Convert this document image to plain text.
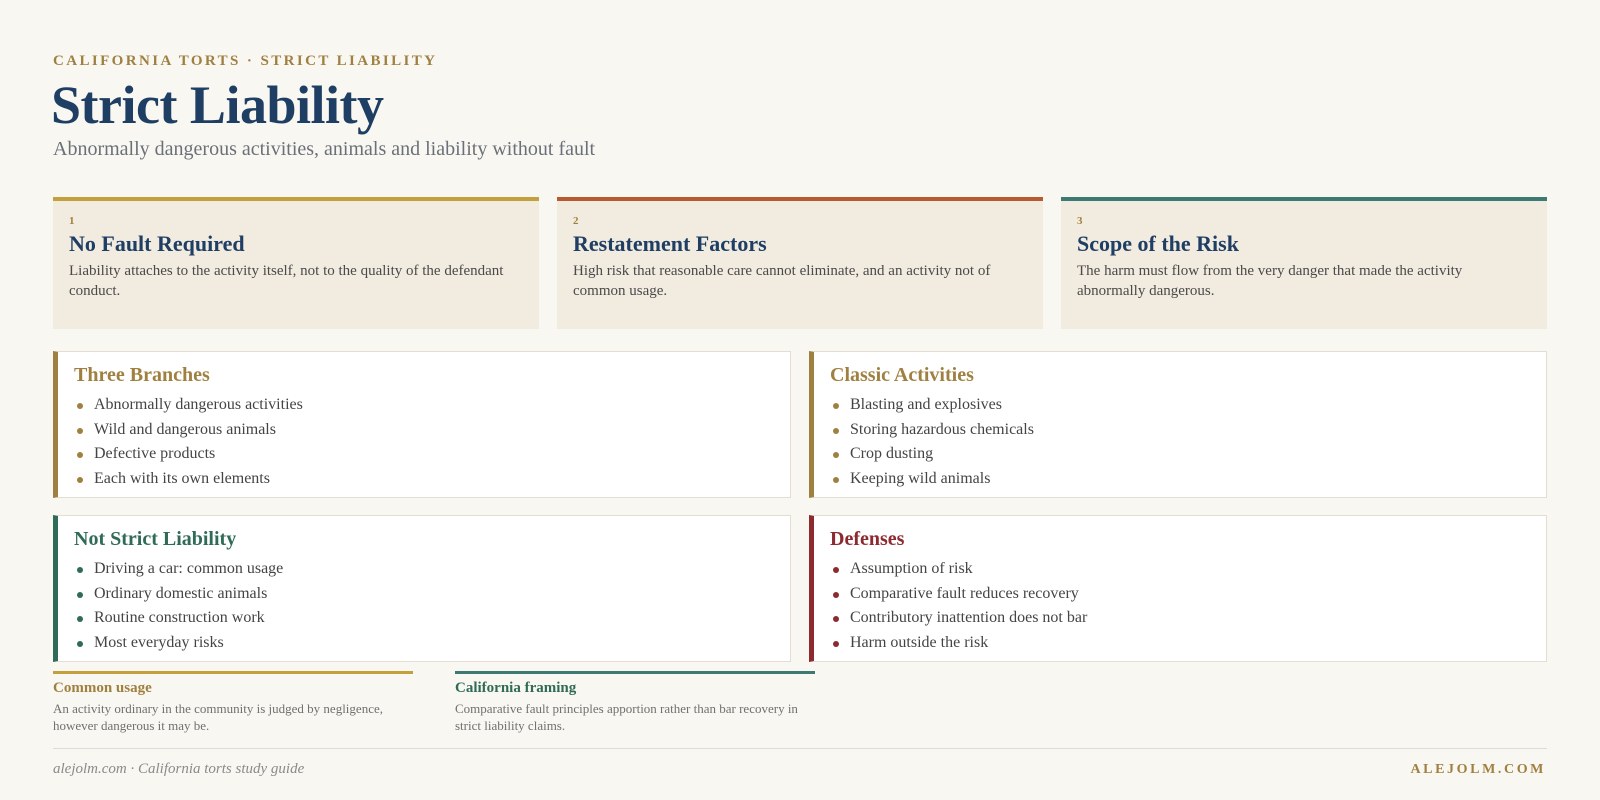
CALIFORNIA TORTS · STRICT LIABILITY
Strict Liability
Abnormally dangerous activities, animals and liability without fault
1
No Fault Required
Liability attaches to the activity itself, not to the quality of the defendant conduct.
2
Restatement Factors
High risk that reasonable care cannot eliminate, and an activity not of common usage.
3
Scope of the Risk
The harm must flow from the very danger that made the activity abnormally dangerous.
Three Branches
Abnormally dangerous activities
Wild and dangerous animals
Defective products
Each with its own elements
Classic Activities
Blasting and explosives
Storing hazardous chemicals
Crop dusting
Keeping wild animals
Not Strict Liability
Driving a car: common usage
Ordinary domestic animals
Routine construction work
Most everyday risks
Defenses
Assumption of risk
Comparative fault reduces recovery
Contributory inattention does not bar
Harm outside the risk
Common usage
An activity ordinary in the community is judged by negligence, however dangerous it may be.
California framing
Comparative fault principles apportion rather than bar recovery in strict liability claims.
alejolm.com · California torts study guide	ALEJOLM.COM
